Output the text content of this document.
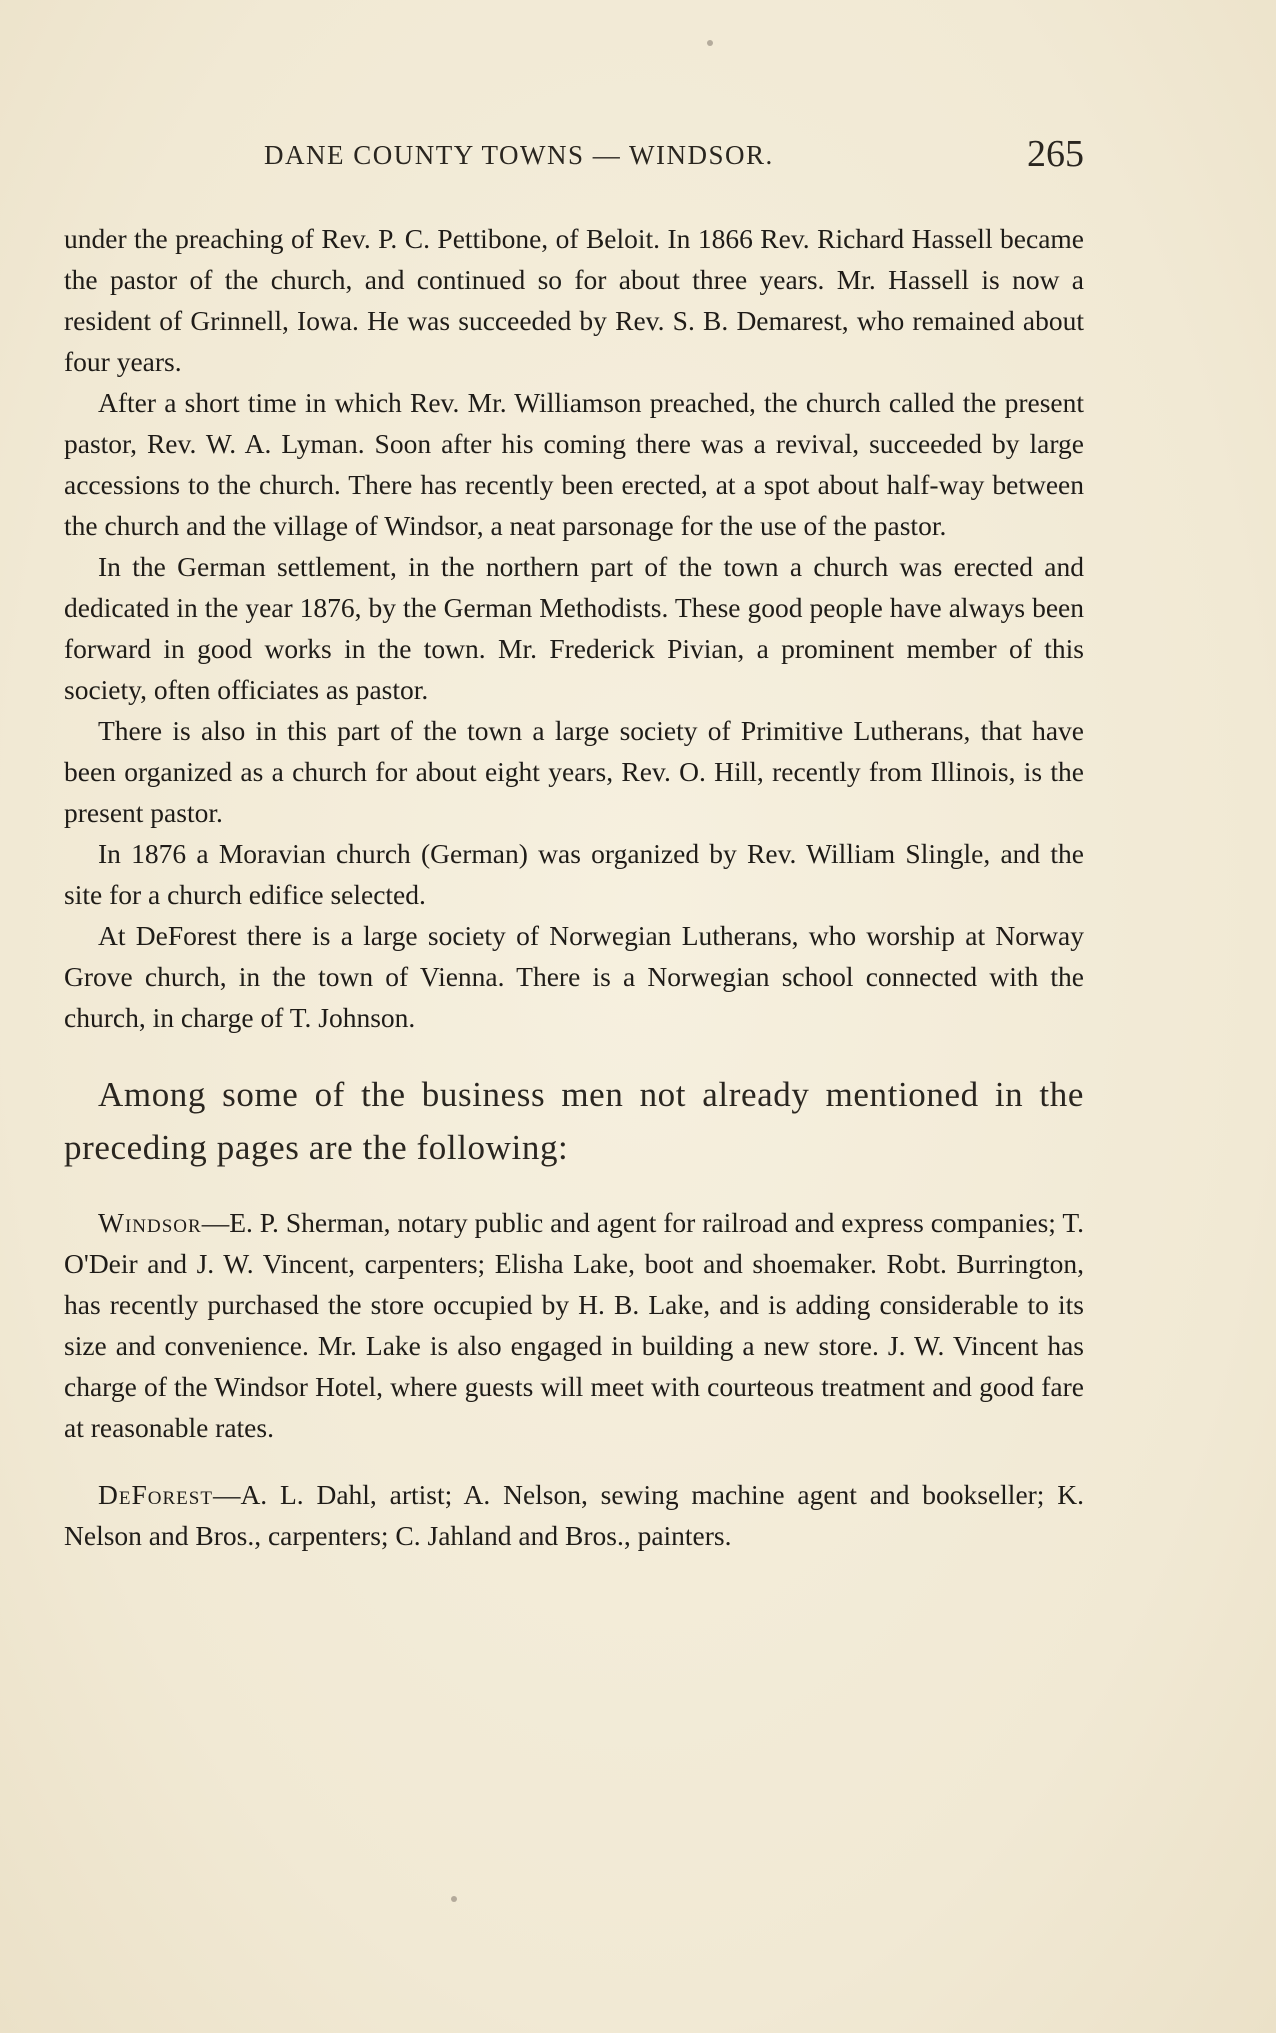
DANE COUNTY TOWNS — WINDSOR.	265

under the preaching of Rev. P. C. Pettibone, of Beloit. In 1866 Rev. Richard Hassell became the pastor of the church, and continued so for about three years. Mr. Hassell is now a resident of Grinnell, Iowa. He was succeeded by Rev. S. B. Demarest, who remained about four years.

After a short time in which Rev. Mr. Williamson preached, the church called the present pastor, Rev. W. A. Lyman. Soon after his coming there was a revival, succeeded by large accessions to the church. There has recently been erected, at a spot about half-way between the church and the village of Windsor, a neat parsonage for the use of the pastor.

In the German settlement, in the northern part of the town a church was erected and dedicated in the year 1876, by the German Methodists. These good people have always been forward in good works in the town. Mr. Frederick Pivian, a prominent member of this society, often officiates as pastor.

There is also in this part of the town a large society of Primitive Lutherans, that have been organized as a church for about eight years, Rev. O. Hill, recently from Illinois, is the present pastor.

In 1876 a Moravian church (German) was organized by Rev. William Slingle, and the site for a church edifice selected.

At DeForest there is a large society of Norwegian Lutherans, who worship at Norway Grove church, in the town of Vienna. There is a Norwegian school connected with the church, in charge of T. Johnson.

Among some of the business men not already mentioned in the preceding pages are the following:

Windsor—E. P. Sherman, notary public and agent for railroad and express companies; T. O'Deir and J. W. Vincent, carpenters; Elisha Lake, boot and shoemaker. Robt. Burrington, has recently purchased the store occupied by H. B. Lake, and is adding considerable to its size and convenience. Mr. Lake is also engaged in building a new store. J. W. Vincent has charge of the Windsor Hotel, where guests will meet with courteous treatment and good fare at reasonable rates.

DeForest—A. L. Dahl, artist; A. Nelson, sewing machine agent and bookseller; K. Nelson and Bros., carpenters; C. Jahland and Bros., painters.
